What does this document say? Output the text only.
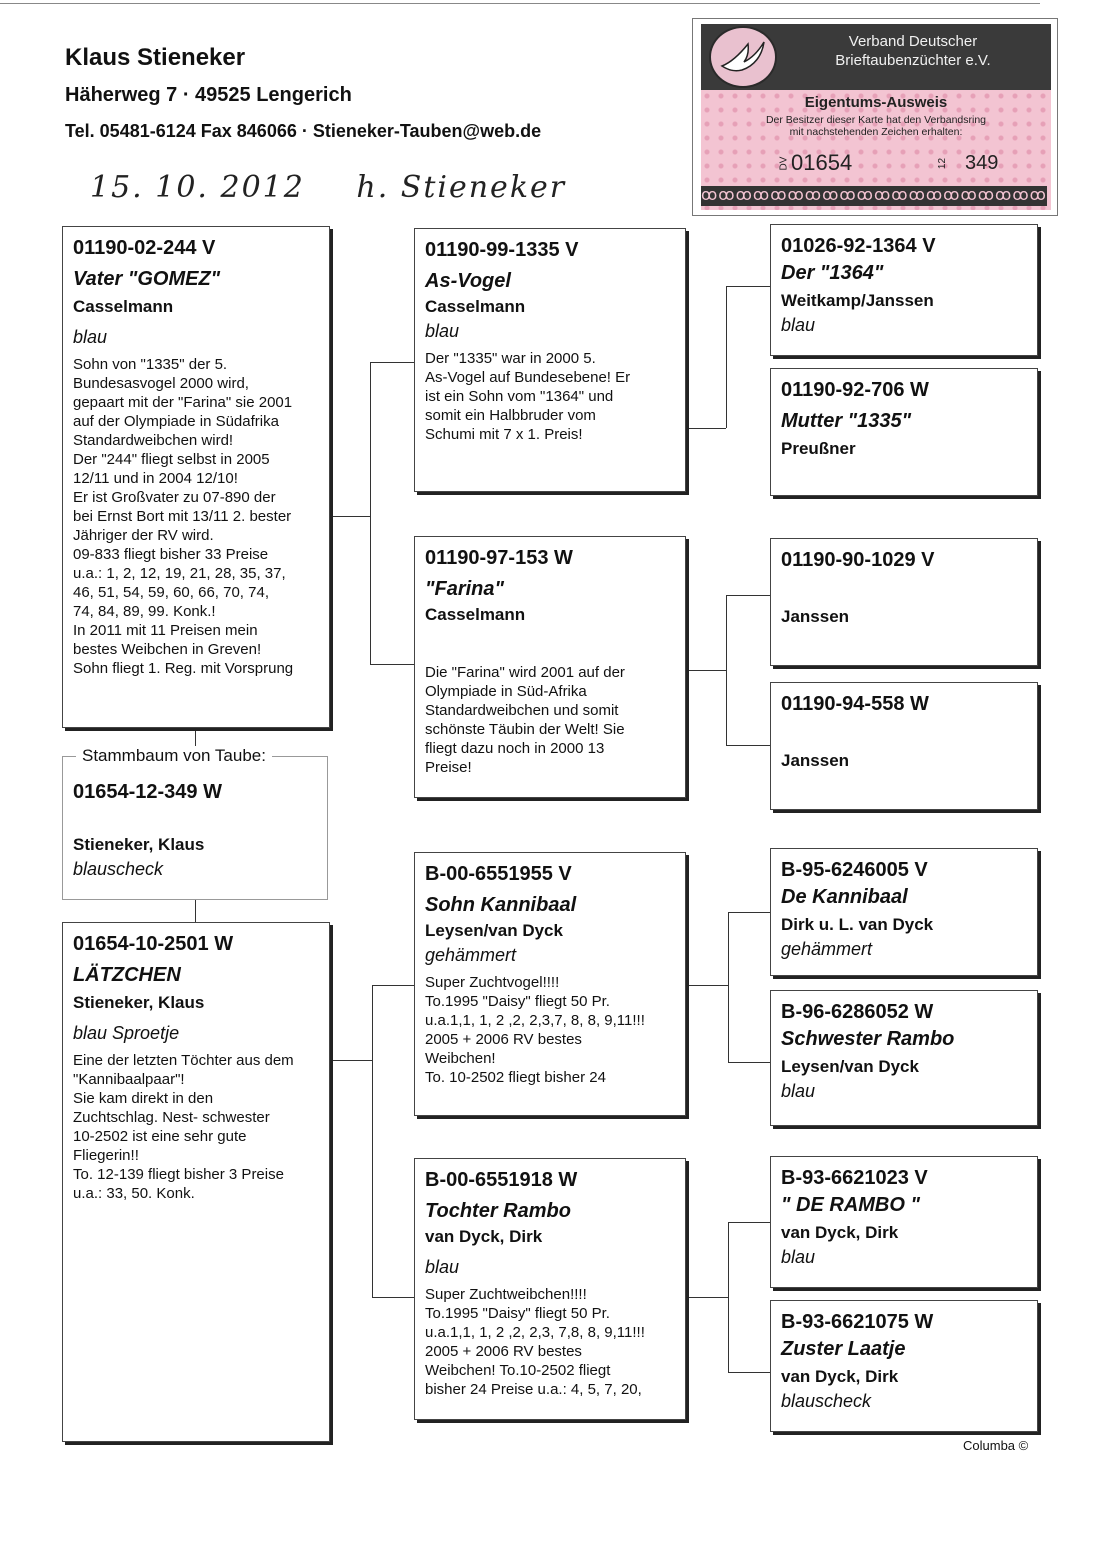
Klaus Stieneker
Häherweg 7 · 49525 Lengerich
Tel. 05481-6124 Fax 846066 · Stieneker-Tauben@web.de
15. 10. 2012 h. Stieneker
Verband Deutscher
Brieftaubenzüchter e.V.
Eigentums-Ausweis
Der Besitzer dieser Karte hat den Verbandsring
mit nachstehenden Zeichen erhalten:
DV 01654	12 349
ꝏꝏꝏꝏꝏꝏꝏꝏꝏꝏꝏꝏꝏꝏꝏꝏꝏꝏꝏꝏ
01190-02-244 V
Vater "GOMEZ"
Casselmann
blau
Sohn von "1335" der 5.
Bundesasvogel 2000 wird,
gepaart mit der "Farina" sie 2001
auf der Olympiade in Südafrika
Standardweibchen wird!
Der "244" fliegt selbst in 2005
12/11 und in 2004 12/10!
Er ist Großvater zu 07-890 der
bei Ernst Bort mit 13/11 2. bester
Jähriger der RV wird.
09-833 fliegt bisher 33 Preise
u.a.: 1, 2, 12, 19, 21, 28, 35, 37,
46, 51, 54, 59, 60, 66, 70, 74,
74, 84, 89, 99. Konk.!
In 2011 mit 11 Preisen mein
bestes Weibchen in Greven!
Sohn fliegt 1. Reg. mit Vorsprung
01654-12-349 W
Stieneker, Klaus
blauscheck
Stammbaum von Taube:
01654-10-2501 W
LÄTZCHEN
Stieneker, Klaus
blau Sproetje
Eine der letzten Töchter aus dem
"Kannibaalpaar"!
Sie kam direkt in den
Zuchtschlag. Nest- schwester
10-2502 ist eine sehr gute
Fliegerin!!
To. 12-139 fliegt bisher 3 Preise
u.a.: 33, 50. Konk.
01190-99-1335 V
As-Vogel
Casselmann
blau
Der "1335" war in 2000 5.
As-Vogel auf Bundesebene! Er
ist ein Sohn vom "1364" und
somit ein Halbbruder vom
Schumi mit 7 x 1. Preis!
01190-97-153 W
"Farina"
Casselmann
Die "Farina" wird 2001 auf der
Olympiade in Süd-Afrika
Standardweibchen und somit
schönste Täubin der Welt! Sie
fliegt dazu noch in 2000 13
Preise!
B-00-6551955 V
Sohn Kannibaal
Leysen/van Dyck
gehämmert
Super Zuchtvogel!!!!
To.1995 "Daisy" fliegt 50 Pr.
u.a.1,1, 1, 2 ,2, 2,3,7, 8, 8, 9,11!!!
2005 + 2006 RV bestes
Weibchen!
To. 10-2502 fliegt bisher 24
B-00-6551918 W
Tochter Rambo
van Dyck, Dirk
blau
Super Zuchtweibchen!!!!
To.1995 "Daisy" fliegt 50 Pr.
u.a.1,1, 1, 2 ,2, 2,3, 7,8, 8, 9,11!!!
2005 + 2006 RV bestes
Weibchen! To.10-2502 fliegt
bisher 24 Preise u.a.: 4, 5, 7, 20,
01026-92-1364 V
Der "1364"
Weitkamp/Janssen
blau
01190-92-706 W
Mutter "1335"
Preußner
01190-90-1029 V
Janssen
01190-94-558 W
Janssen
B-95-6246005 V
De Kannibaal
Dirk u. L. van Dyck
gehämmert
B-96-6286052 W
Schwester Rambo
Leysen/van Dyck
blau
B-93-6621023 V
" DE RAMBO "
van Dyck, Dirk
blau
B-93-6621075 W
Zuster Laatje
van Dyck, Dirk
blauscheck
Columba ©
